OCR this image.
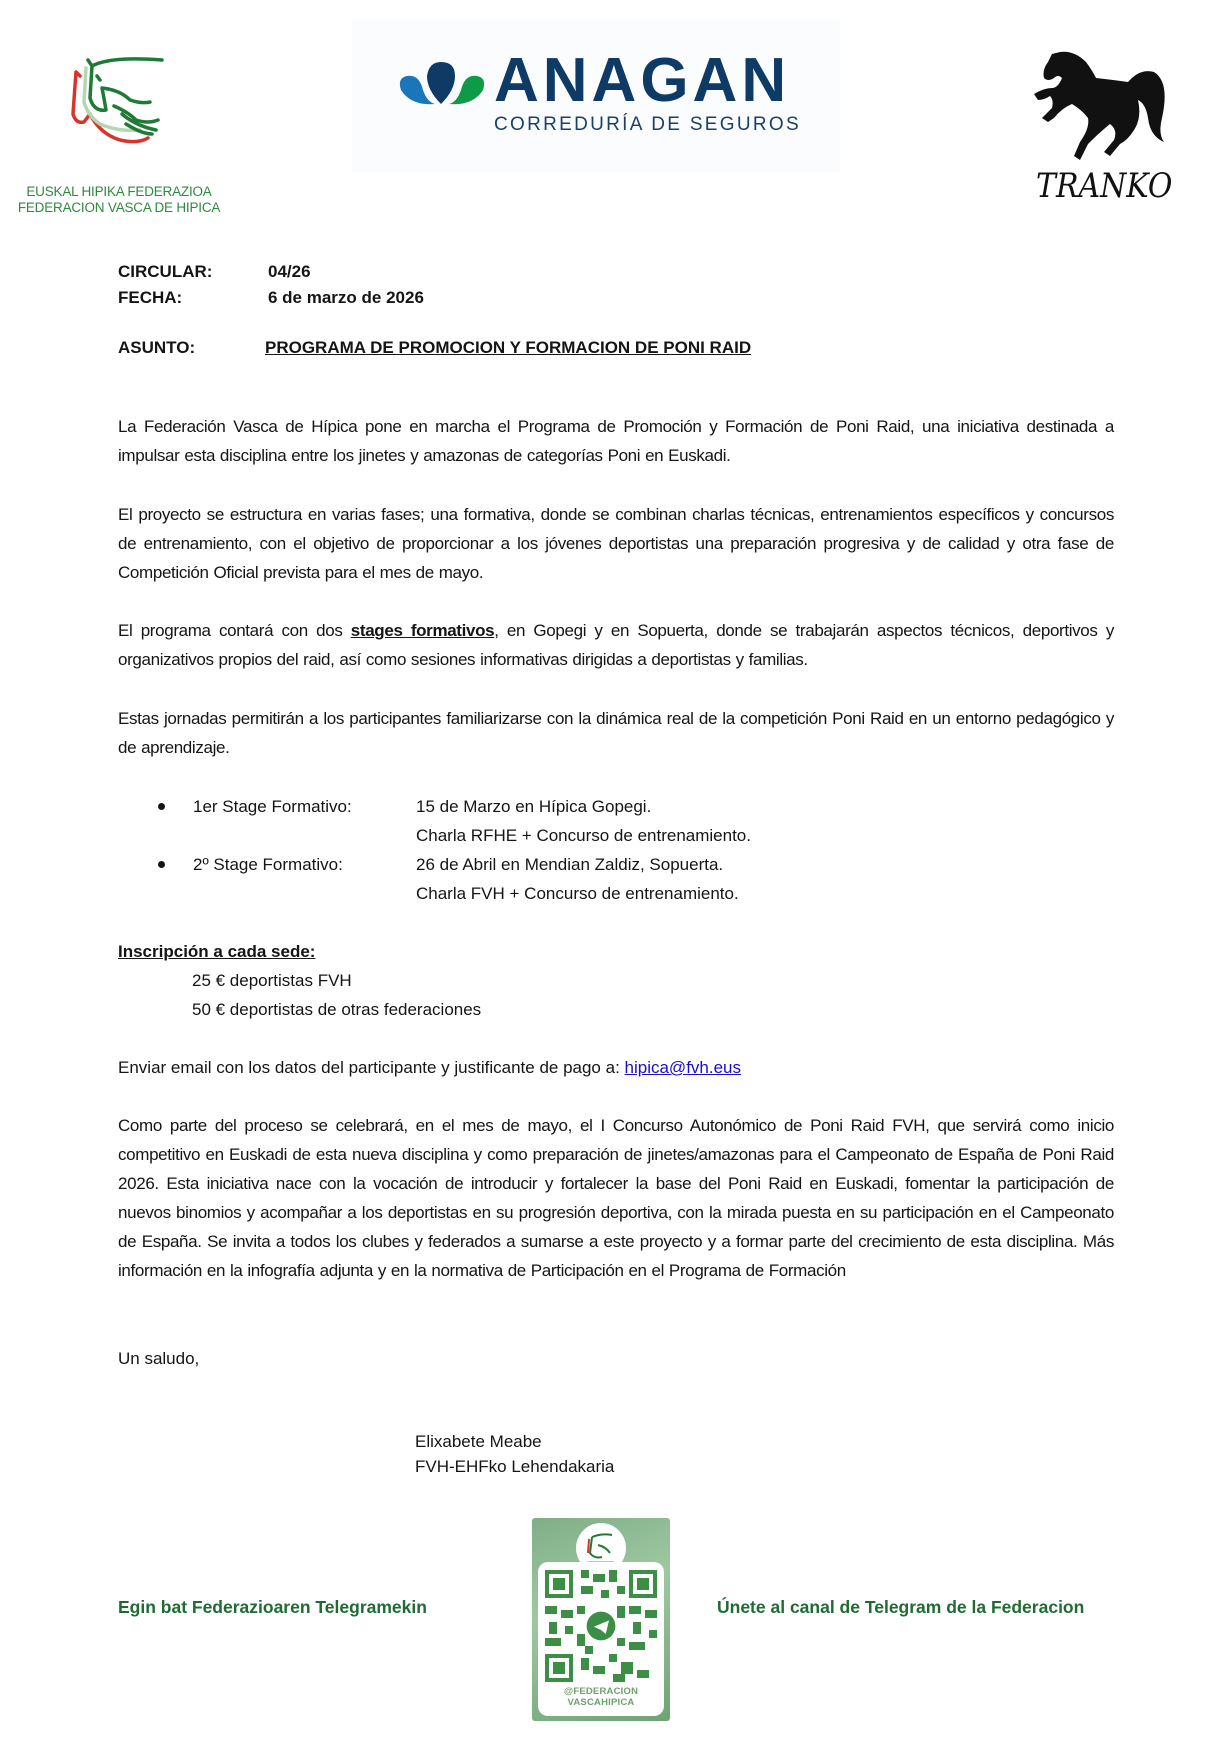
EUSKAL HIPIKA FEDERAZIOA
FEDERACION VASCA DE HIPICA
ANAGAN
CORREDURÍA DE SEGUROS
TRANKO
CIRCULAR:	04/26
FECHA:	6 de marzo de 2026
ASUNTO:	PROGRAMA DE PROMOCION Y FORMACION DE PONI RAID
La Federación Vasca de Hípica pone en marcha el Programa de Promoción y Formación de Poni Raid, una iniciativa destinada a impulsar esta disciplina entre los jinetes y amazonas de categorías Poni en Euskadi.
El proyecto se estructura en varias fases; una formativa, donde se combinan charlas técnicas, entrenamientos específicos y concursos de entrenamiento, con el objetivo de proporcionar a los jóvenes deportistas una preparación progresiva y de calidad y otra fase de Competición Oficial prevista para el mes de mayo.
El programa contará con dos stages formativos, en Gopegi y en Sopuerta, donde se trabajarán aspectos técnicos, deportivos y organizativos propios del raid, así como sesiones informativas dirigidas a deportistas y familias.
Estas jornadas permitirán a los participantes familiarizarse con la dinámica real de la competición Poni Raid en un entorno pedagógico y de aprendizaje.
1er Stage Formativo:	15 de Marzo en Hípica Gopegi.
Charla RFHE + Concurso de entrenamiento.
2º Stage Formativo:	26 de Abril en Mendian Zaldiz, Sopuerta.
Charla FVH + Concurso de entrenamiento.
Inscripción a cada sede:
25 € deportistas FVH
50 € deportistas de otras federaciones
Enviar email con los datos del participante y justificante de pago a: hipica@fvh.eus
Como parte del proceso se celebrará, en el mes de mayo, el I Concurso Autonómico de Poni Raid FVH, que servirá como inicio competitivo en Euskadi de esta nueva disciplina y como preparación de jinetes/amazonas para el Campeonato de España de Poni Raid 2026. Esta iniciativa nace con la vocación de introducir y fortalecer la base del Poni Raid en Euskadi, fomentar la participación de nuevos binomios y acompañar a los deportistas en su progresión deportiva, con la mirada puesta en su participación en el Campeonato de España. Se invita a todos los clubes y federados a sumarse a este proyecto y a formar parte del crecimiento de esta disciplina. Más información en la infografía adjunta y en la normativa de Participación en el Programa de Formación
Un saludo,
Elixabete Meabe
FVH-EHFko Lehendakaria
Egin bat Federazioaren Telegramekin	Únete al canal de Telegram de la Federacion
@FEDERACION
VASCAHIPICA
